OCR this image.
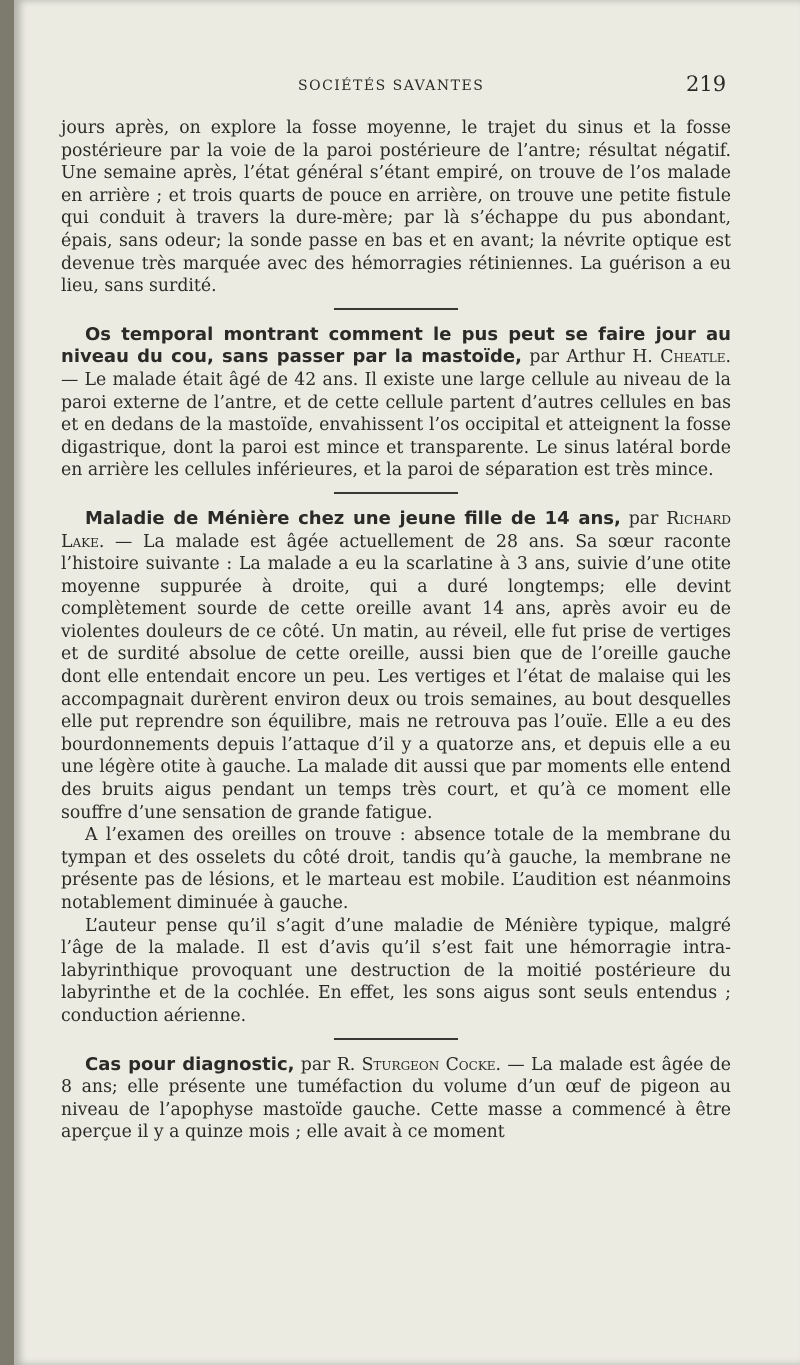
SOCIÉTÉS SAVANTES	219

jours après, on explore la fosse moyenne, le trajet du sinus et la fosse postérieure par la voie de la paroi postérieure de l’antre; résultat négatif. Une semaine après, l’état général s’étant empiré, on trouve de l’os malade en arrière ; et trois quarts de pouce en arrière, on trouve une petite fistule qui conduit à travers la dure-mère; par là s’échappe du pus abondant, épais, sans odeur; la sonde passe en bas et en avant; la névrite optique est devenue très marquée avec des hémorragies rétiniennes. La guérison a eu lieu, sans surdité.

Os temporal montrant comment le pus peut se faire jour au niveau du cou, sans passer par la mastoïde, par Arthur H. Cheatle. — Le malade était âgé de 42 ans. Il existe une large cellule au niveau de la paroi externe de l’antre, et de cette cellule partent d’autres cellules en bas et en dedans de la mastoïde, envahissent l’os occipital et atteignent la fosse digastrique, dont la paroi est mince et transparente. Le sinus latéral borde en arrière les cellules inférieures, et la paroi de séparation est très mince.

Maladie de Ménière chez une jeune fille de 14 ans, par Richard Lake. — La malade est âgée actuellement de 28 ans. Sa sœur raconte l’histoire suivante : La malade a eu la scarlatine à 3 ans, suivie d’une otite moyenne suppurée à droite, qui a duré longtemps; elle devint complètement sourde de cette oreille avant 14 ans, après avoir eu de violentes douleurs de ce côté. Un matin, au réveil, elle fut prise de vertiges et de surdité absolue de cette oreille, aussi bien que de l’oreille gauche dont elle entendait encore un peu. Les vertiges et l’état de malaise qui les accompagnait durèrent environ deux ou trois semaines, au bout desquelles elle put reprendre son équilibre, mais ne retrouva pas l’ouïe. Elle a eu des bourdonnements depuis l’attaque d’il y a quatorze ans, et depuis elle a eu une légère otite à gauche. La malade dit aussi que par moments elle entend des bruits aigus pendant un temps très court, et qu’à ce moment elle souffre d’une sensation de grande fatigue.

A l’examen des oreilles on trouve : absence totale de la membrane du tympan et des osselets du côté droit, tandis qu’à gauche, la membrane ne présente pas de lésions, et le marteau est mobile. L’audition est néanmoins notablement diminuée à gauche.

L’auteur pense qu’il s’agit d’une maladie de Ménière typique, malgré l’âge de la malade. Il est d’avis qu’il s’est fait une hémorragie intra-labyrinthique provoquant une destruction de la moitié postérieure du labyrinthe et de la cochlée. En effet, les sons aigus sont seuls entendus ; conduction aérienne.

Cas pour diagnostic, par R. Sturgeon Cocke. — La malade est âgée de 8 ans; elle présente une tuméfaction du volume d’un œuf de pigeon au niveau de l’apophyse mastoïde gauche. Cette masse a commencé à être aperçue il y a quinze mois ; elle avait à ce moment
